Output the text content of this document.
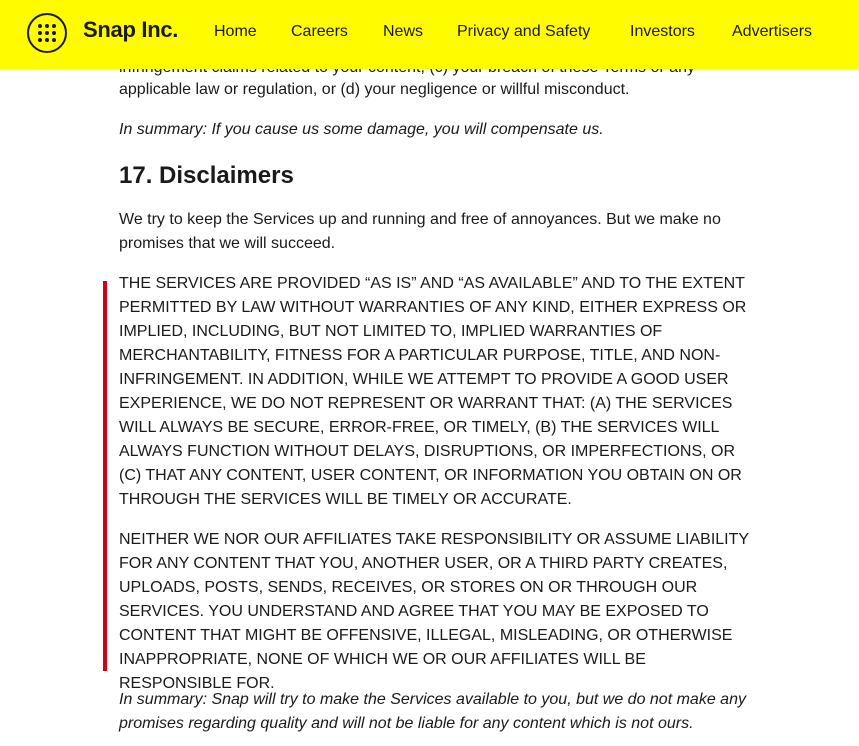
Snap Inc. Home Careers News Privacy and Safety Investors Advertisers

applicable law or regulation, or (d) your negligence or willful misconduct.

In summary: If you cause us some damage, you will compensate us.

17. Disclaimers

We try to keep the Services up and running and free of annoyances. But we make no promises that we will succeed.

THE SERVICES ARE PROVIDED “AS IS” AND “AS AVAILABLE” AND TO THE EXTENT PERMITTED BY LAW WITHOUT WARRANTIES OF ANY KIND, EITHER EXPRESS OR IMPLIED, INCLUDING, BUT NOT LIMITED TO, IMPLIED WARRANTIES OF MERCHANTABILITY, FITNESS FOR A PARTICULAR PURPOSE, TITLE, AND NON-INFRINGEMENT. IN ADDITION, WHILE WE ATTEMPT TO PROVIDE A GOOD USER EXPERIENCE, WE DO NOT REPRESENT OR WARRANT THAT: (A) THE SERVICES WILL ALWAYS BE SECURE, ERROR-FREE, OR TIMELY, (B) THE SERVICES WILL ALWAYS FUNCTION WITHOUT DELAYS, DISRUPTIONS, OR IMPERFECTIONS, OR (C) THAT ANY CONTENT, USER CONTENT, OR INFORMATION YOU OBTAIN ON OR THROUGH THE SERVICES WILL BE TIMELY OR ACCURATE.

NEITHER WE NOR OUR AFFILIATES TAKE RESPONSIBILITY OR ASSUME LIABILITY FOR ANY CONTENT THAT YOU, ANOTHER USER, OR A THIRD PARTY CREATES, UPLOADS, POSTS, SENDS, RECEIVES, OR STORES ON OR THROUGH OUR SERVICES. YOU UNDERSTAND AND AGREE THAT YOU MAY BE EXPOSED TO CONTENT THAT MIGHT BE OFFENSIVE, ILLEGAL, MISLEADING, OR OTHERWISE INAPPROPRIATE, NONE OF WHICH WE OR OUR AFFILIATES WILL BE RESPONSIBLE FOR.

In summary: Snap will try to make the Services available to you, but we do not make any promises regarding quality and will not be liable for any content which is not ours.
